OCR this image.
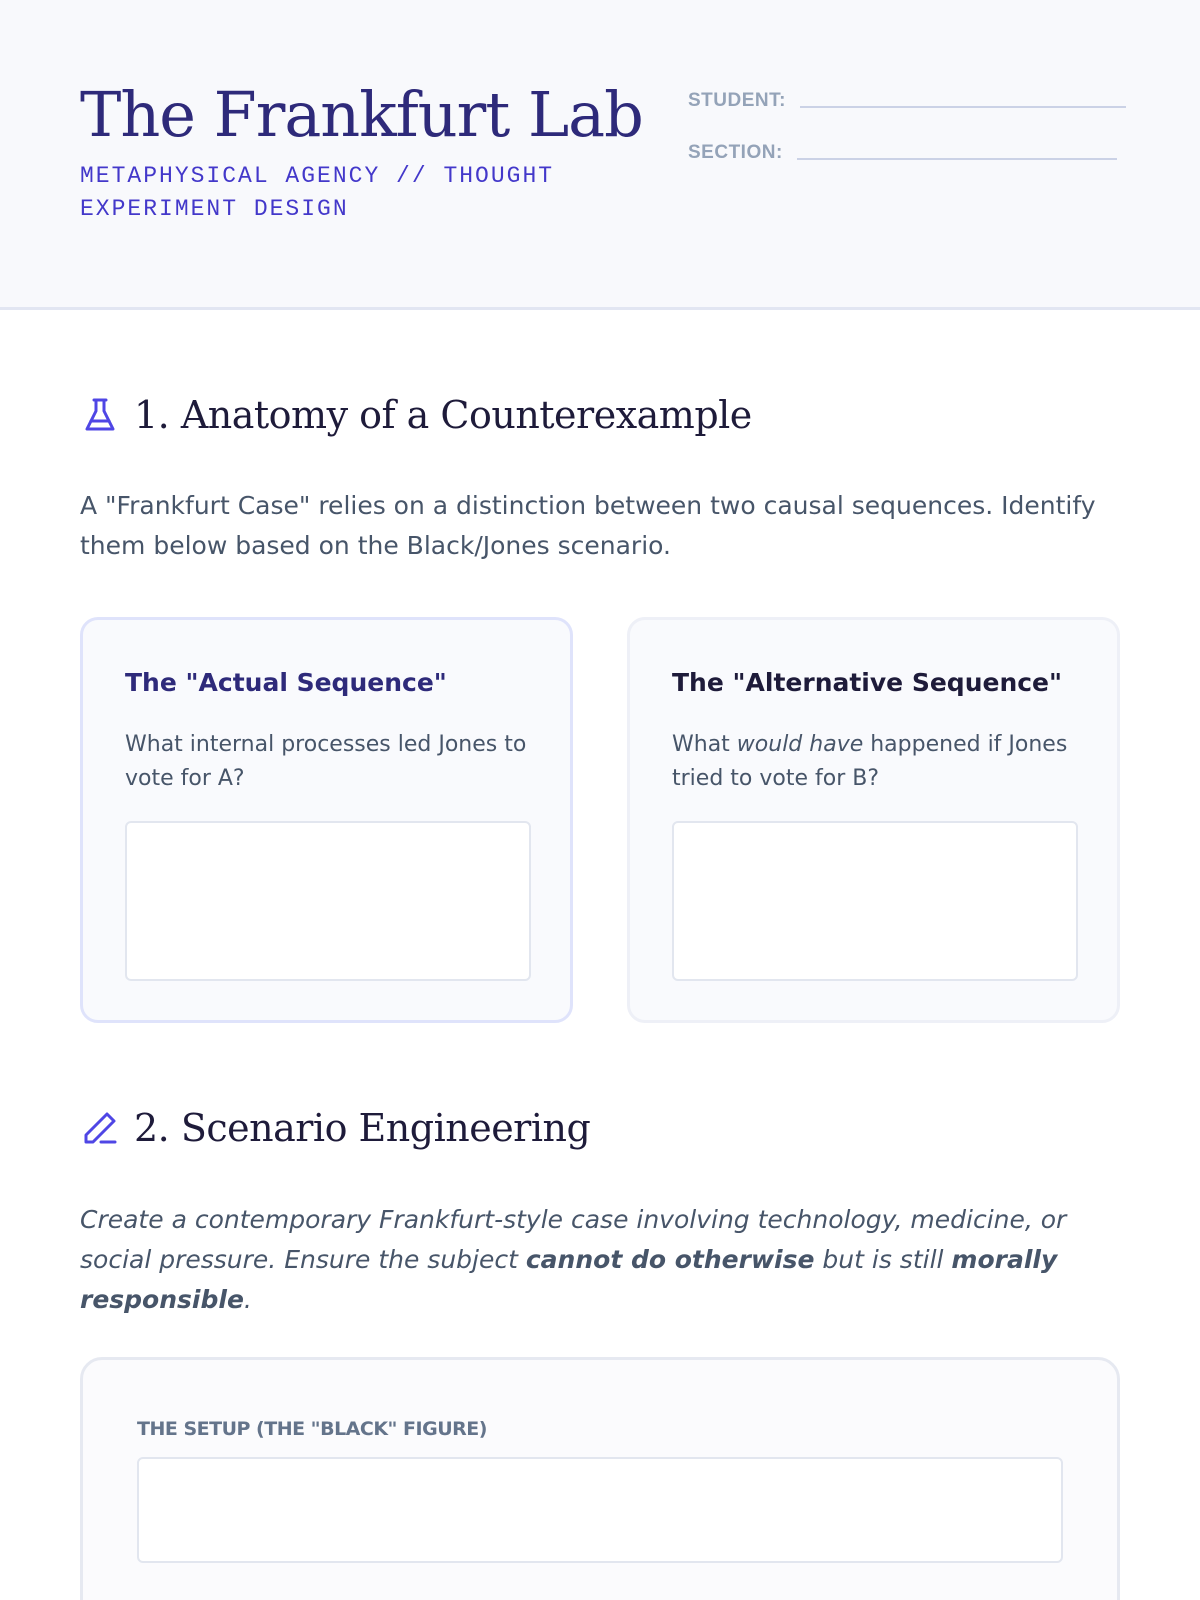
The Frankfurt Lab
METAPHYSICAL AGENCY // THOUGHT EXPERIMENT DESIGN
STUDENT:
SECTION:
1. Anatomy of a Counterexample

A "Frankfurt Case" relies on a distinction between two causal sequences. Identify them below based on the Black/Jones scenario.

The "Actual Sequence"
What internal processes led Jones to vote for A?
The "Alternative Sequence"
What would have happened if Jones tried to vote for B?
2. Scenario Engineering

Create a contemporary Frankfurt-style case involving technology, medicine, or social pressure. Ensure the subject cannot do otherwise but is still morally responsible.

THE SETUP (THE "BLACK" FIGURE)
